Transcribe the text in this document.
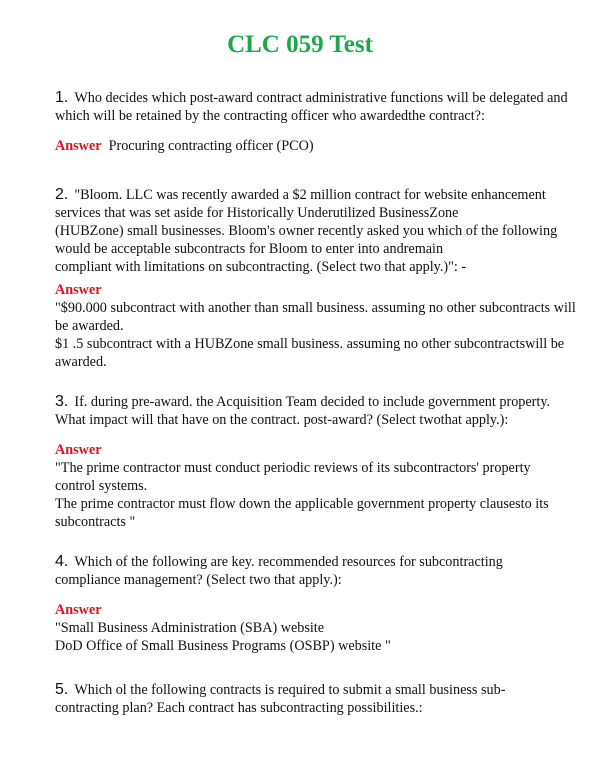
CLC 059 Test

1. Who decides which post-award contract administrative functions will be delegated and

which will be retained by the contracting officer who awardedthe contract?:

Answer Procuring contracting officer (PCO)

2. "Bloom. LLC was recently awarded a $2 million contract for website enhancement

services that was set aside for Historically Underutilized BusinessZone

(HUBZone) small businesses. Bloom's owner recently asked you which of the following

would be acceptable subcontracts for Bloom to enter into andremain

compliant with limitations on subcontracting. (Select two that apply.)": -

Answer

"$90.000 subcontract with another than small business. assuming no other subcontracts will

be awarded.

$1 .5 subcontract with a HUBZone small business. assuming no other subcontractswill be

awarded.

3. If. during pre-award. the Acquisition Team decided to include government property.

What impact will that have on the contract. post-award? (Select twothat apply.):

Answer

"The prime contractor must conduct periodic reviews of its subcontractors' property

control systems.

The prime contractor must flow down the applicable government property clausesto its

subcontracts "

4. Which of the following are key. recommended resources for subcontracting

compliance management? (Select two that apply.):

Answer

"Small Business Administration (SBA) website

DoD Office of Small Business Programs (OSBP) website "

5. Which ol the following contracts is required to submit a small business sub-

contracting plan? Each contract has subcontracting possibilities.:
